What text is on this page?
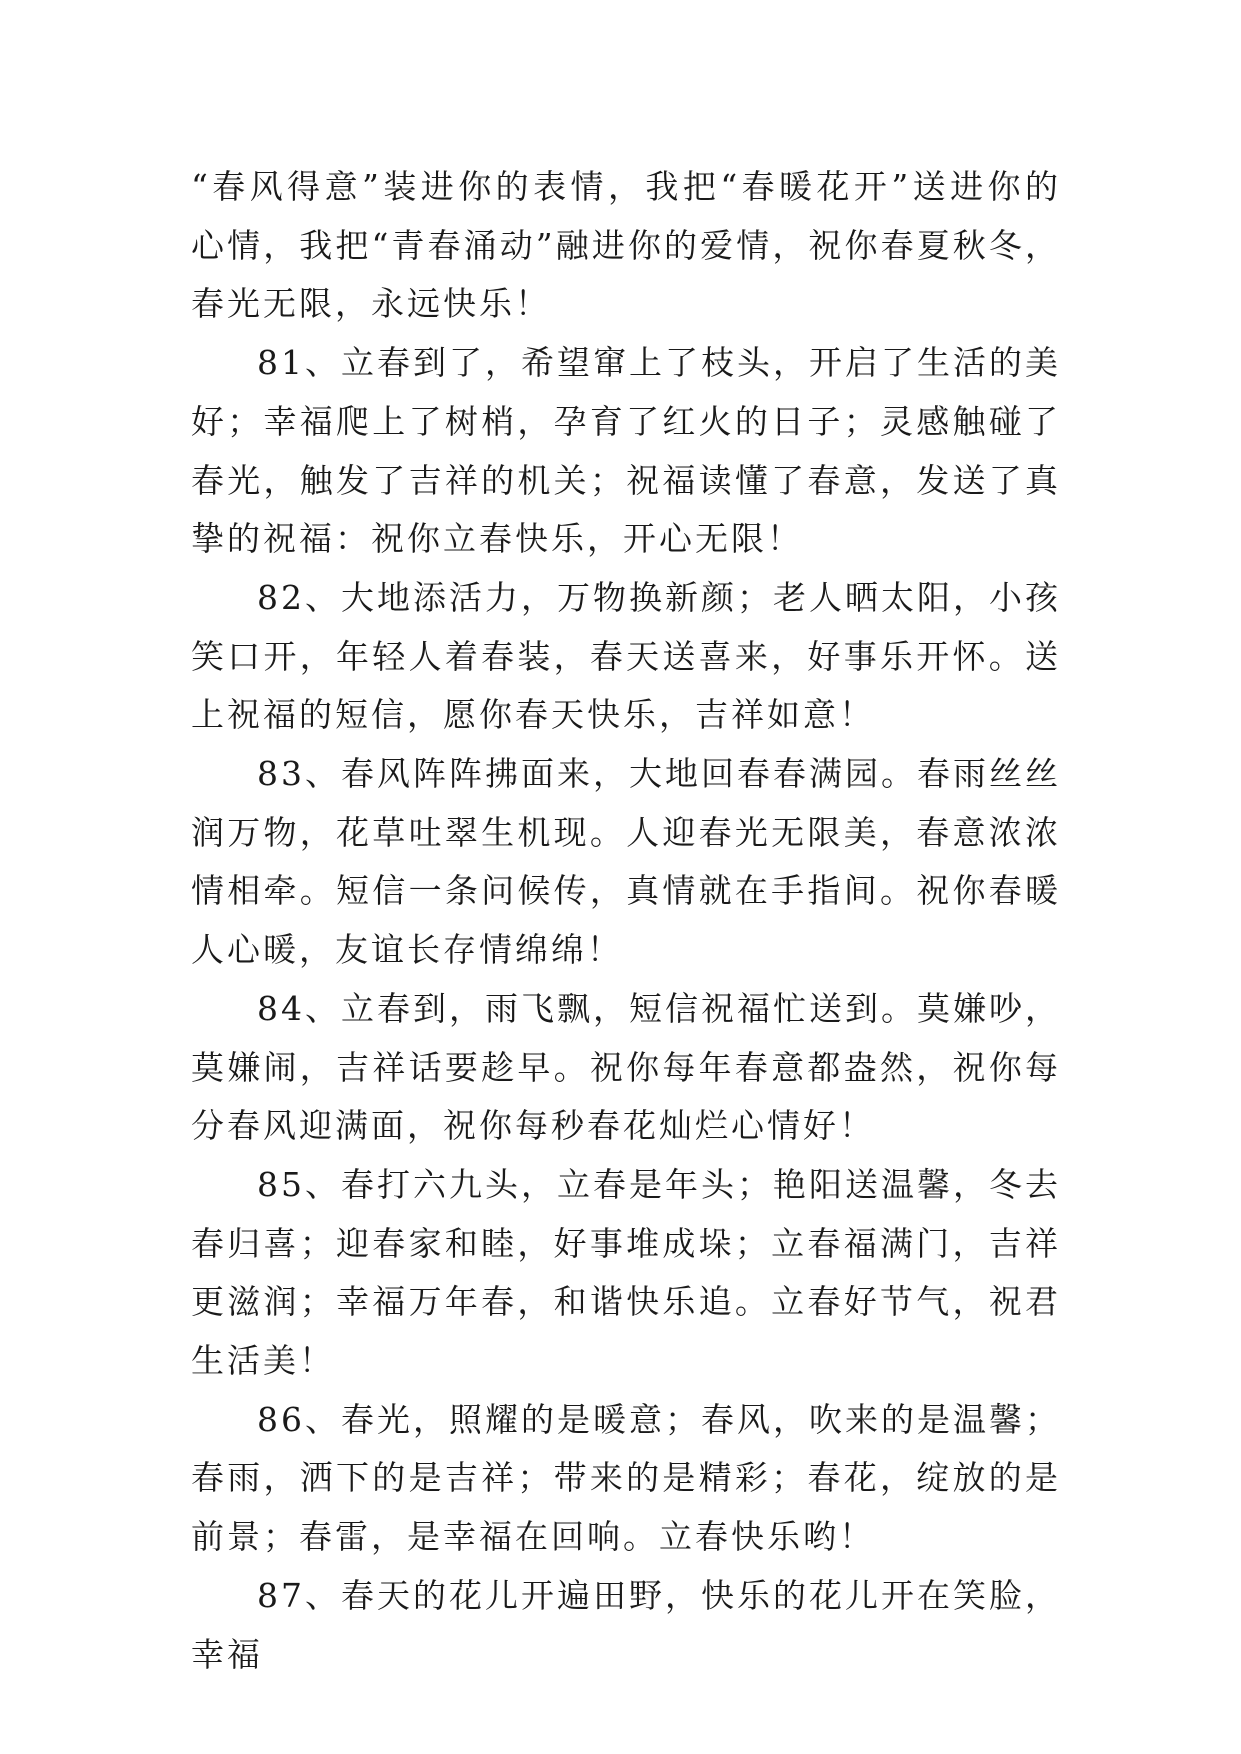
“春风得意”装进你的表情，我把“春暖花开”送进你的心情，我把“青春涌动”融进你的爱情，祝你春夏秋冬，春光无限，永远快乐！

81、立春到了，希望窜上了枝头，开启了生活的美好；幸福爬上了树梢，孕育了红火的日子；灵感触碰了春光，触发了吉祥的机关；祝福读懂了春意，发送了真挚的祝福：祝你立春快乐，开心无限！

82、大地添活力，万物换新颜；老人晒太阳，小孩笑口开，年轻人着春装，春天送喜来，好事乐开怀。送上祝福的短信，愿你春天快乐，吉祥如意！

83、春风阵阵拂面来，大地回春春满园。春雨丝丝润万物，花草吐翠生机现。人迎春光无限美，春意浓浓情相牵。短信一条问候传，真情就在手指间。祝你春暖人心暖，友谊长存情绵绵！

84、立春到，雨飞飘，短信祝福忙送到。莫嫌吵，莫嫌闹，吉祥话要趁早。祝你每年春意都盎然，祝你每分春风迎满面，祝你每秒春花灿烂心情好！

85、春打六九头，立春是年头；艳阳送温馨，冬去春归喜；迎春家和睦，好事堆成垛；立春福满门，吉祥更滋润；幸福万年春，和谐快乐追。立春好节气，祝君生活美！

86、春光，照耀的是暖意；春风，吹来的是温馨；春雨，洒下的是吉祥；带来的是精彩；春花，绽放的是前景；春雷，是幸福在回响。立春快乐哟！

87、春天的花儿开遍田野，快乐的花儿开在笑脸，幸福
